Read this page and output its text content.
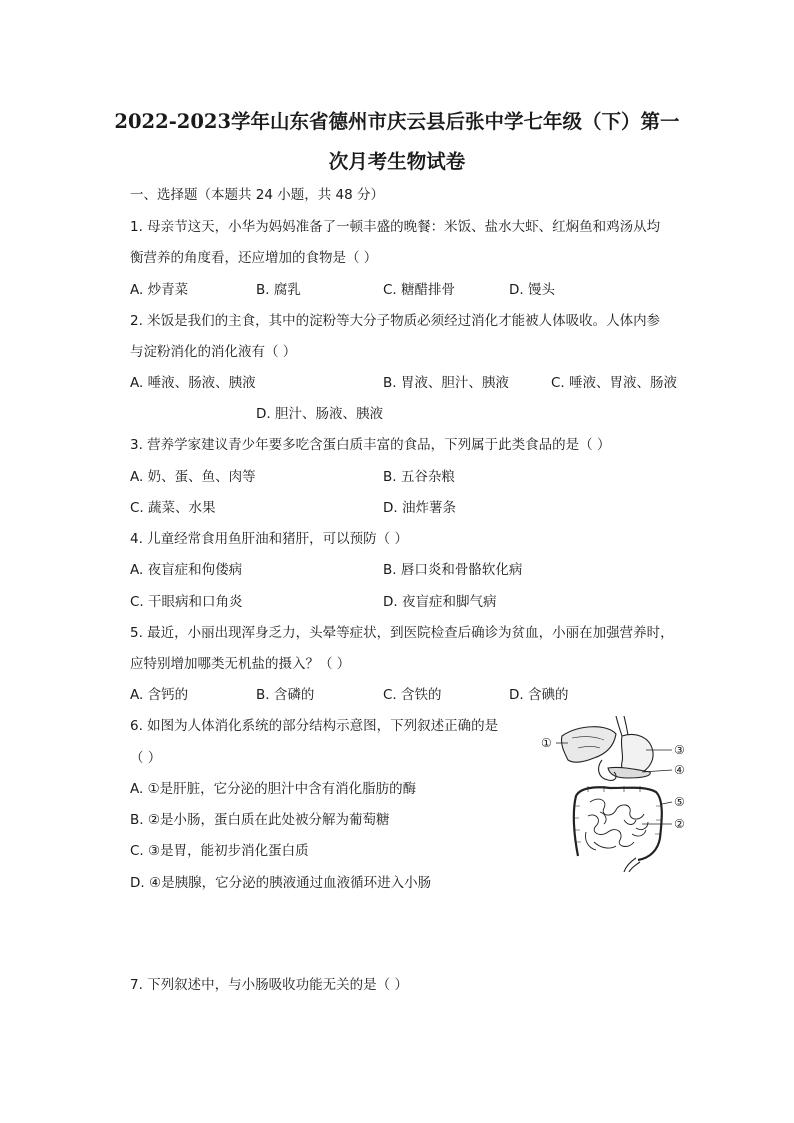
2022-2023学年山东省德州市庆云县后张中学七年级（下）第一
次月考生物试卷
一、选择题（本题共 24 小题，共 48 分）
1. 母亲节这天，小华为妈妈准备了一顿丰盛的晚餐：米饭、盐水大虾、红焖鱼和鸡汤从均
衡营养的角度看，还应增加的食物是（ ）
A. 炒青菜	B. 腐乳	C. 糖醋排骨	D. 馒头
2. 米饭是我们的主食，其中的淀粉等大分子物质必须经过消化才能被人体吸收。人体内参
与淀粉消化的消化液有（ ）
A. 唾液、肠液、胰液	B. 胃液、胆汁、胰液	C. 唾液、胃液、肠液
D. 胆汁、肠液、胰液
3. 营养学家建议青少年要多吃含蛋白质丰富的食品，下列属于此类食品的是（ ）
A. 奶、蛋、鱼、肉等	B. 五谷杂粮
C. 蔬菜、水果	D. 油炸薯条
4. 儿童经常食用鱼肝油和猪肝，可以预防（ ）
A. 夜盲症和佝偻病	B. 唇口炎和骨骼软化病
C. 干眼病和口角炎	D. 夜盲症和脚气病
5. 最近，小丽出现浑身乏力，头晕等症状，到医院检查后确诊为贫血，小丽在加强营养时，
应特别增加哪类无机盐的摄入？（ ）
A. 含钙的	B. 含磷的	C. 含铁的	D. 含碘的
6. 如图为人体消化系统的部分结构示意图，下列叙述正确的是
（ ）
A. ①是肝脏，它分泌的胆汁中含有消化脂肪的酶
B. ②是小肠，蛋白质在此处被分解为葡萄糖
C. ③是胃，能初步消化蛋白质
D. ④是胰腺，它分泌的胰液通过血液循环进入小肠
①
②
③
④
⑤
7. 下列叙述中，与小肠吸收功能无关的是（ ）
